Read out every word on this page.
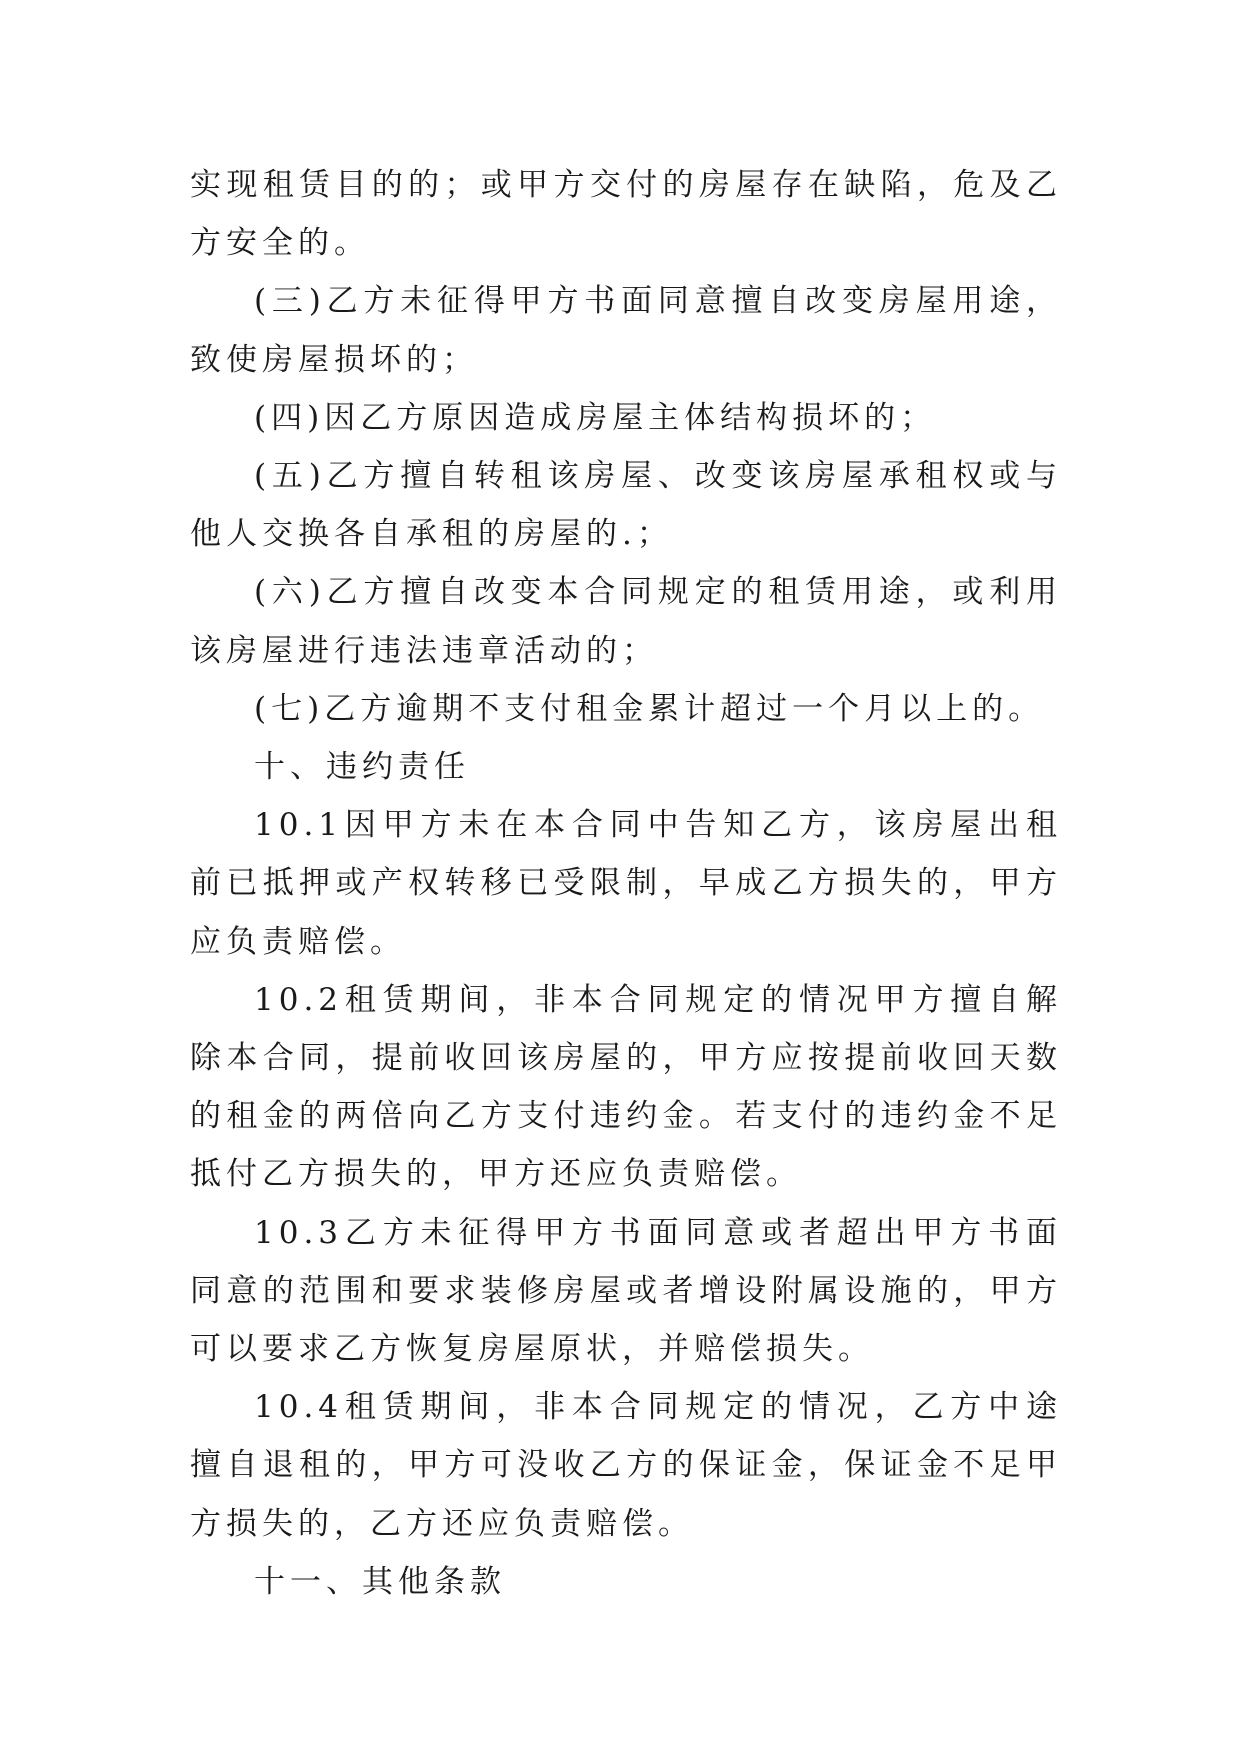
实现租赁目的的；或甲方交付的房屋存在缺陷，危及乙方安全的。

(三)乙方未征得甲方书面同意擅自改变房屋用途，致使房屋损坏的；

(四)因乙方原因造成房屋主体结构损坏的；

(五)乙方擅自转租该房屋、改变该房屋承租权或与他人交换各自承租的房屋的.；

(六)乙方擅自改变本合同规定的租赁用途，或利用该房屋进行违法违章活动的；

(七)乙方逾期不支付租金累计超过一个月以上的。

十、违约责任

10.1因甲方未在本合同中告知乙方，该房屋出租前已抵押或产权转移已受限制，早成乙方损失的，甲方应负责赔偿。

10.2租赁期间，非本合同规定的情况甲方擅自解除本合同，提前收回该房屋的，甲方应按提前收回天数的租金的两倍向乙方支付违约金。若支付的违约金不足抵付乙方损失的，甲方还应负责赔偿。

10.3乙方未征得甲方书面同意或者超出甲方书面同意的范围和要求装修房屋或者增设附属设施的，甲方可以要求乙方恢复房屋原状，并赔偿损失。

10.4租赁期间，非本合同规定的情况，乙方中途擅自退租的，甲方可没收乙方的保证金，保证金不足甲方损失的，乙方还应负责赔偿。

十一、其他条款
